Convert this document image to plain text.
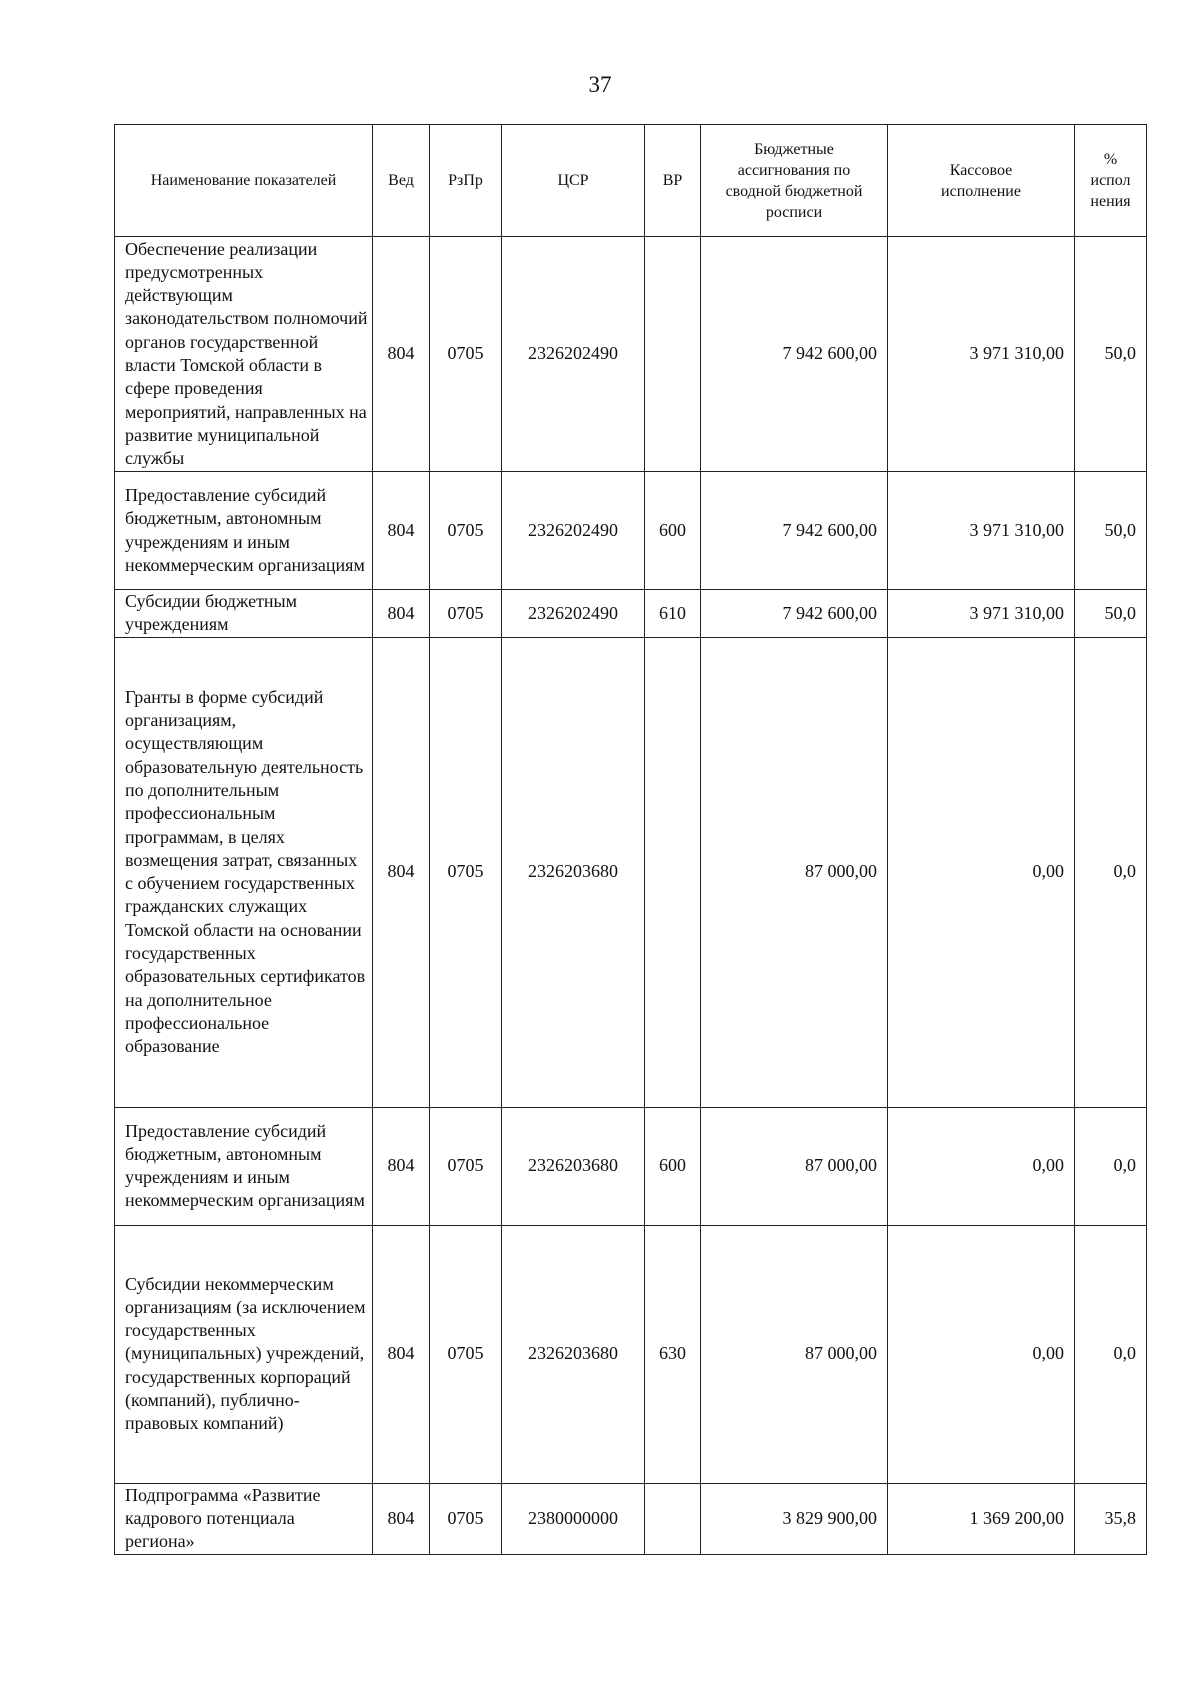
37
Наименование показателей	Вед	РзПр	ЦСР	ВР	Бюджетные ассигнования по сводной бюджетной росписи	Кассовое исполнение	% испол нения
Обеспечение реализации предусмотренных действующим законодательством полномочий органов государственной власти Томской области в сфере проведения мероприятий, направленных на развитие муниципальной службы	804	0705	2326202490		7 942 600,00	3 971 310,00	50,0
Предоставление субсидий бюджетным, автономным учреждениям и иным некоммерческим организациям	804	0705	2326202490	600	7 942 600,00	3 971 310,00	50,0
Субсидии бюджетным учреждениям	804	0705	2326202490	610	7 942 600,00	3 971 310,00	50,0
Гранты в форме субсидий организациям, осуществляющим образовательную деятельность по дополнительным профессиональным программам, в целях возмещения затрат, связанных с обучением государственных гражданских служащих Томской области на основании государственных образовательных сертификатов на дополнительное профессиональное образование	804	0705	2326203680		87 000,00	0,00	0,0
Предоставление субсидий бюджетным, автономным учреждениям и иным некоммерческим организациям	804	0705	2326203680	600	87 000,00	0,00	0,0
Субсидии некоммерческим организациям (за исключением государственных (муниципальных) учреждений, государственных корпораций (компаний), публично-правовых компаний)	804	0705	2326203680	630	87 000,00	0,00	0,0
Подпрограмма «Развитие кадрового потенциала региона»	804	0705	2380000000		3 829 900,00	1 369 200,00	35,8
